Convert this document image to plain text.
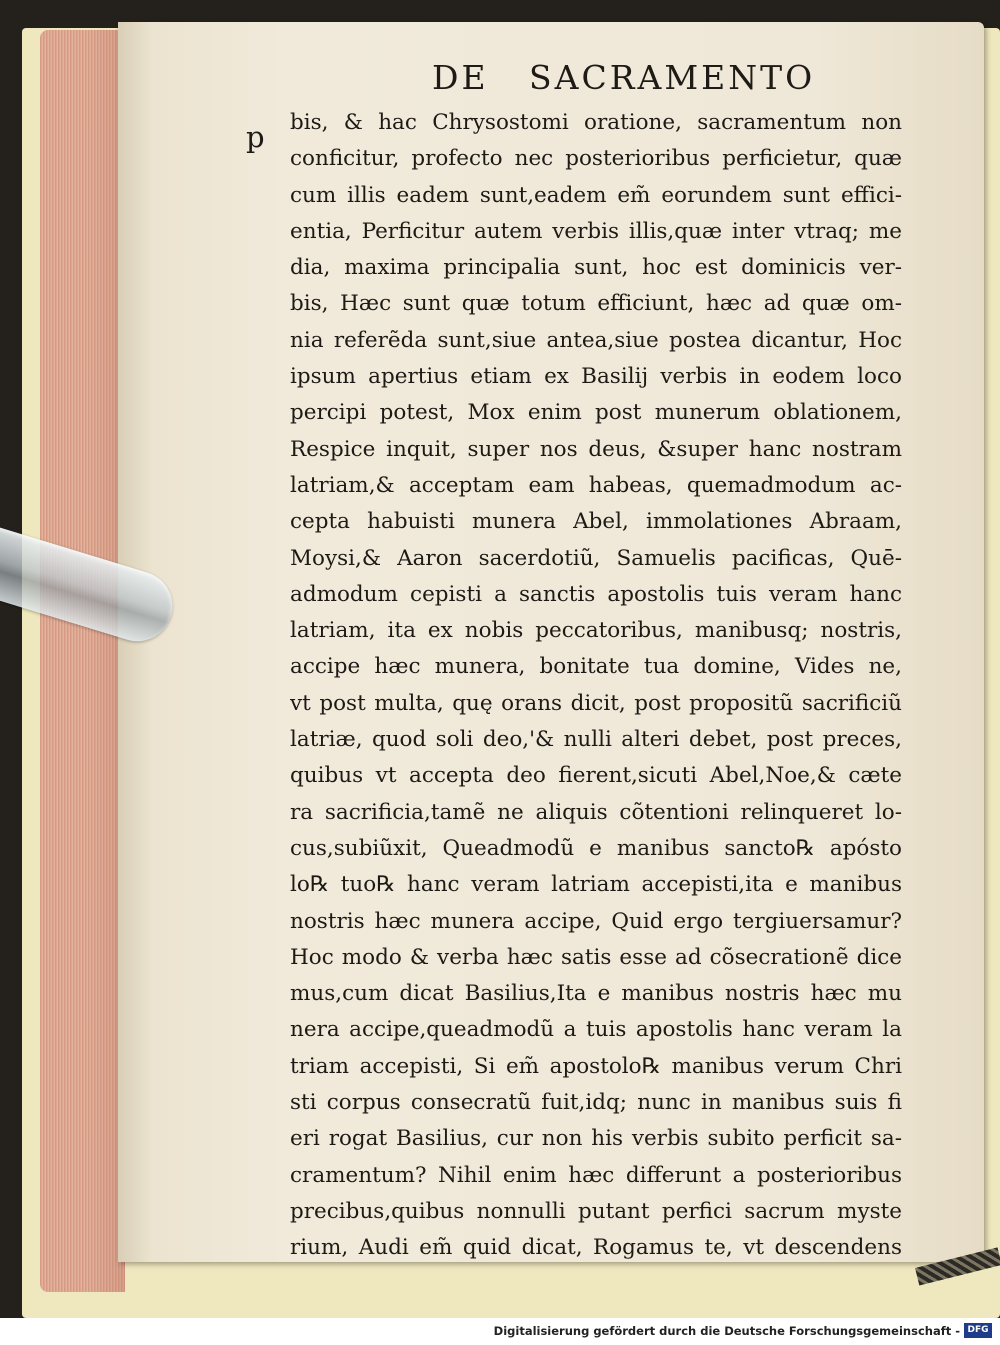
DE   SACRAMENTO
p bis, & hac Chrysostomi oratione, sacramentum non
conficitur, profecto nec posterioribus perficietur, quæ
cum illis eadem sunt,eadem em̃ eorundem sunt effici-
entia, Perficitur autem verbis illis,quæ inter vtraq; me
dia, maxima principalia sunt, hoc est dominicis ver-
bis, Hæc sunt quæ totum efficiunt, hæc ad quæ om-
nia referẽda sunt,siue antea,siue postea dicantur, Hoc
ipsum apertius etiam ex Basilij verbis in eodem loco
percipi potest, Mox enim post munerum oblationem,
Respice inquit, super nos deus, &super hanc nostram
latriam,& acceptam eam habeas, quemadmodum ac-
cepta habuisti munera Abel, immolationes Abraam,
Moysi,& Aaron sacerdotiũ, Samuelis pacificas, Quē-
admodum cepisti a sanctis apostolis tuis veram hanc
latriam, ita ex nobis peccatoribus, manibusq; nostris,
accipe hæc munera, bonitate tua domine, Vides ne,
vt post multa, quę orans dicit, post propositũ sacrificiũ
latriæ, quod soli deo,'& nulli alteri debet, post preces,
quibus vt accepta deo fierent,sicuti Abel,Noe,& cæte
ra sacrificia,tamẽ ne aliquis cõtentioni relinqueret lo-
cus,subiũxit, Queadmodũ e manibus sancto℞ apósto
lo℞ tuo℞ hanc veram latriam accepisti,ita e manibus
nostris hæc munera accipe, Quid ergo tergiuersamur?
Hoc modo & verba hæc satis esse ad cõsecrationẽ dice
mus,cum dicat Basilius,Ita e manibus nostris hæc mu
nera accipe,queadmodũ a tuis apostolis hanc veram la
triam accepisti, Si em̃ apostolo℞ manibus verum Chri
sti corpus consecratũ fuit,idq; nunc in manibus suis fi
eri rogat Basilius, cur non his verbis subito perficit sa-
cramentum? Nihil enim hæc differunt a posterioribus
precibus,quibus nonnulli putant perfici sacrum myste
rium, Audi em̃ quid dicat, Rogamus te, vt descendens
Digitalisierung gefördert durch die Deutsche Forschungsgemeinschaft - DFG
